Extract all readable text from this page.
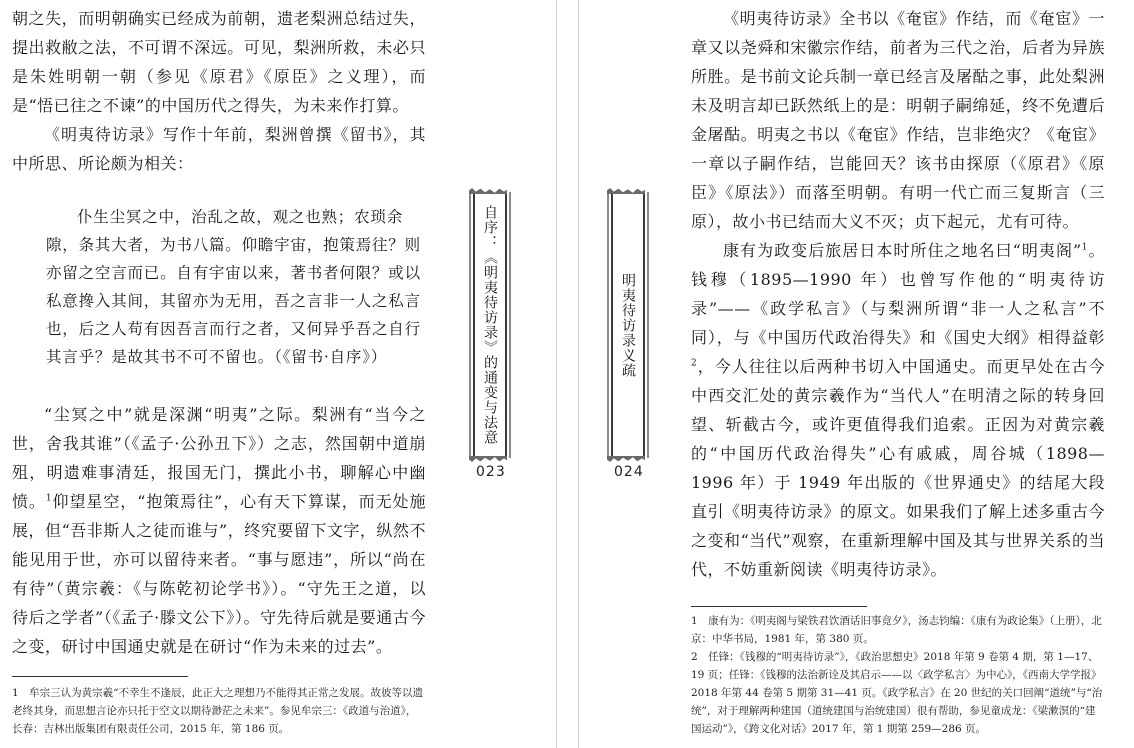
朝之失，而明朝确实已经成为前朝，遗老梨洲总结过失，提出救敝之法，不可谓不深远。可见，梨洲所救，未必只是朱姓明朝一朝（参见《原君》《原臣》之义理），而是“悟已往之不谏”的中国历代之得失，为未来作打算。

《明夷待访录》写作十年前，梨洲曾撰《留书》，其中所思、所论颇为相关：

仆生尘冥之中，治乱之故，观之也熟；农琐余隙，条其大者，为书八篇。仰瞻宇宙，抱策焉往？则亦留之空言而已。自有宇宙以来，著书者何限？或以私意搀入其间，其留亦为无用，吾之言非一人之私言也，后之人苟有因吾言而行之者，又何异乎吾之自行其言乎？是故其书不可不留也。（《留书·自序》）

“尘冥之中”就是深渊“明夷”之际。梨洲有“当今之世，舍我其谁”（《孟子·公孙丑下》）之志，然国朝中道崩殂，明遗难事清廷，报国无门，撰此小书，聊解心中幽愤。$^1$仰望星空，“抱策焉往”，心有天下算谋，而无处施展，但“吾非斯人之徒而谁与”，终究要留下文字，纵然不能见用于世，亦可以留待来者。“事与愿违”，所以“尚在有待”（黄宗羲：《与陈乾初论学书》）。“守先王之道，以待后之学者”（《孟子·滕文公下》）。守先待后就是要通古今之变，研讨中国通史就是在研讨“作为未来的过去”。

1　牟宗三认为黄宗羲“不幸生不逢辰，此正大之理想乃不能得其正常之发展。故彼等以遗老终其身，而思想言论亦只托于空文以期待渺茫之未来”。参见牟宗三：《政道与治道》，长春：吉林出版集团有限责任公司，2015 年，第 186 页。

自序：《明夷待访录》的通变与法意
023
明夷待访录义疏
024

《明夷待访录》全书以《奄宦》作结，而《奄宦》一章又以尧舜和宋徽宗作结，前者为三代之治，后者为异族所胜。是书前文论兵制一章已经言及屠酤之事，此处梨洲未及明言却已跃然纸上的是：明朝子嗣绵延，终不免遭后金屠酤。明夷之书以《奄宦》作结，岂非绝灾？《奄宦》一章以子嗣作结，岂能回天？该书由探原（《原君》《原臣》《原法》）而落至明朝。有明一代亡而三复斯言（三原），故小书已结而大义不灭；贞下起元，尤有可待。

康有为政变后旅居日本时所住之地名曰“明夷阁”$^1$。钱穆（1895—1990 年）也曾写作他的“明夷待访录”——《政学私言》（与梨洲所谓“非一人之私言”不同），与《中国历代政治得失》和《国史大纲》相得益彰$^2$，今人往往以后两种书切入中国通史。而更早处在古今中西交汇处的黄宗羲作为“当代人”在明清之际的转身回望、斩截古今，或许更值得我们追索。正因为对黄宗羲的“中国历代政治得失”心有戚戚，周谷城（1898—1996 年）于 1949 年出版的《世界通史》的结尾大段直引《明夷待访录》的原文。如果我们了解上述多重古今之变和“当代”观察，在重新理解中国及其与世界关系的当代，不妨重新阅读《明夷待访录》。

1　康有为：《明夷阁与梁铁君饮酒话旧事竟夕》，汤志钧编：《康有为政论集》（上册），北京：中华书局，1981 年，第 380 页。

2　任锋：《钱穆的“明夷待访录”》，《政治思想史》2018 年第 9 卷第 4 期，第 1—17、19 页；任锋：《钱穆的法治新诠及其启示——以〈政学私言〉为中心》，《西南大学学报》2018 年第 44 卷第 5 期第 31—41 页。《政学私言》在 20 世纪的关口回阐“道统”与“治统”，对于理解两种建国（道统建国与治统建国）很有帮助，参见童成龙：《梁漱溟的“建国运动”》，《跨文化对话》2017 年，第 1 期第 259—286 页。
